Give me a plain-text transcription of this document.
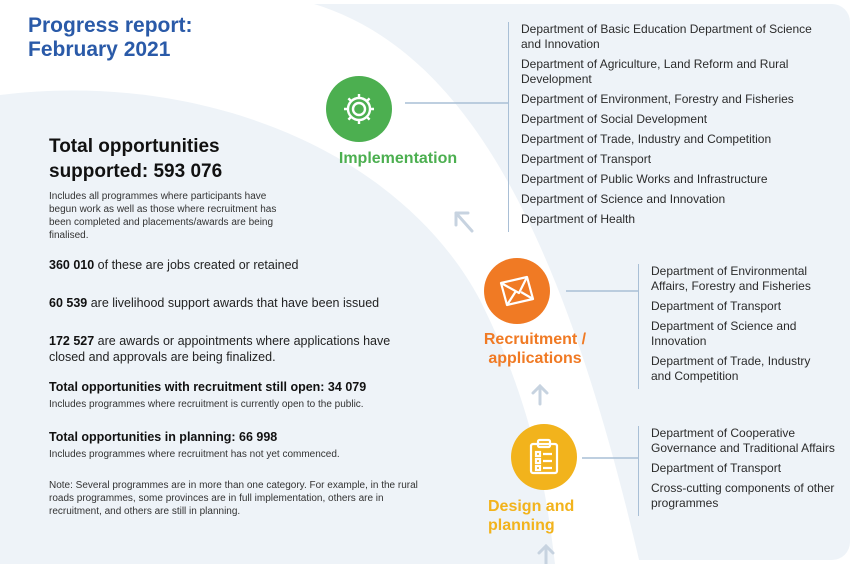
Progress report:
February 2021
Total opportunities
supported: 593 076
Includes all programmes where participants have begun work as well as those where recruitment has been completed and placements/awards are being finalised.
360 010 of these are jobs created or retained
60 539 are livelihood support awards that have been issued
172 527 are awards or appointments where applications have closed and approvals are being finalized.
Total opportunities with recruitment still open: 34 079
Includes programmes where recruitment is currently open to the public.
Total opportunities in planning: 66 998
Includes programmes where recruitment has not yet commenced.
Note: Several programmes are in more than one category. For example, in the rural roads programmes, some provinces are in full implementation, others are in recruitment, and others are still in planning.
Implementation
Department of Basic Education Department of Science and Innovation
Department of Agriculture, Land Reform and Rural Development
Department of Environment, Forestry and Fisheries
Department of Social Development
Department of Trade, Industry and Competition
Department of Transport
Department of Public Works and Infrastructure
Department of Science and Innovation
Department of Health
Recruitment /
applications
Department of Environmental Affairs, Forestry and Fisheries
Department of Transport
Department of Science and Innovation
Department of Trade, Industry and Competition
Design and
planning
Department of Cooperative Governance and Traditional Affairs
Department of Transport
Cross-cutting components of other programmes
